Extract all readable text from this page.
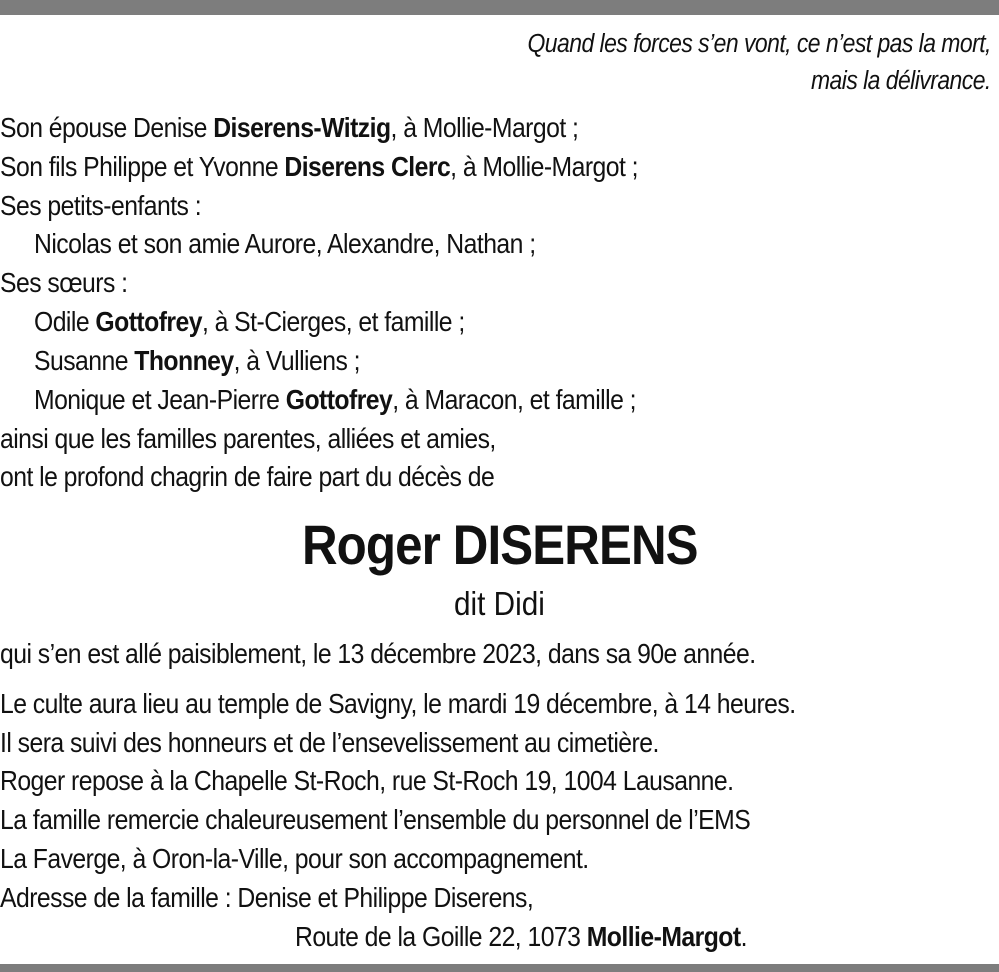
Quand les forces s’en vont, ce n’est pas la mort,
mais la délivrance.
Son épouse Denise Diserens-Witzig, à Mollie-Margot ;
Son fils Philippe et Yvonne Diserens Clerc, à Mollie-Margot ;
Ses petits-enfants :
Nicolas et son amie Aurore, Alexandre, Nathan ;
Ses sœurs :
Odile Gottofrey, à St-Cierges, et famille ;
Susanne Thonney, à Vulliens ;
Monique et Jean-Pierre Gottofrey, à Maracon, et famille ;
ainsi que les familles parentes, alliées et amies,
ont le profond chagrin de faire part du décès de
Roger DISERENS
dit Didi
qui s’en est allé paisiblement, le 13 décembre 2023, dans sa 90e année.
Le culte aura lieu au temple de Savigny, le mardi 19 décembre, à 14 heures.
Il sera suivi des honneurs et de l’ensevelissement au cimetière.
Roger repose à la Chapelle St-Roch, rue St-Roch 19, 1004 Lausanne.
La famille remercie chaleureusement l’ensemble du personnel de l’EMS
La Faverge, à Oron-la-Ville, pour son accompagnement.
Adresse de la famille : Denise et Philippe Diserens,
Route de la Goille 22, 1073 Mollie-Margot.
